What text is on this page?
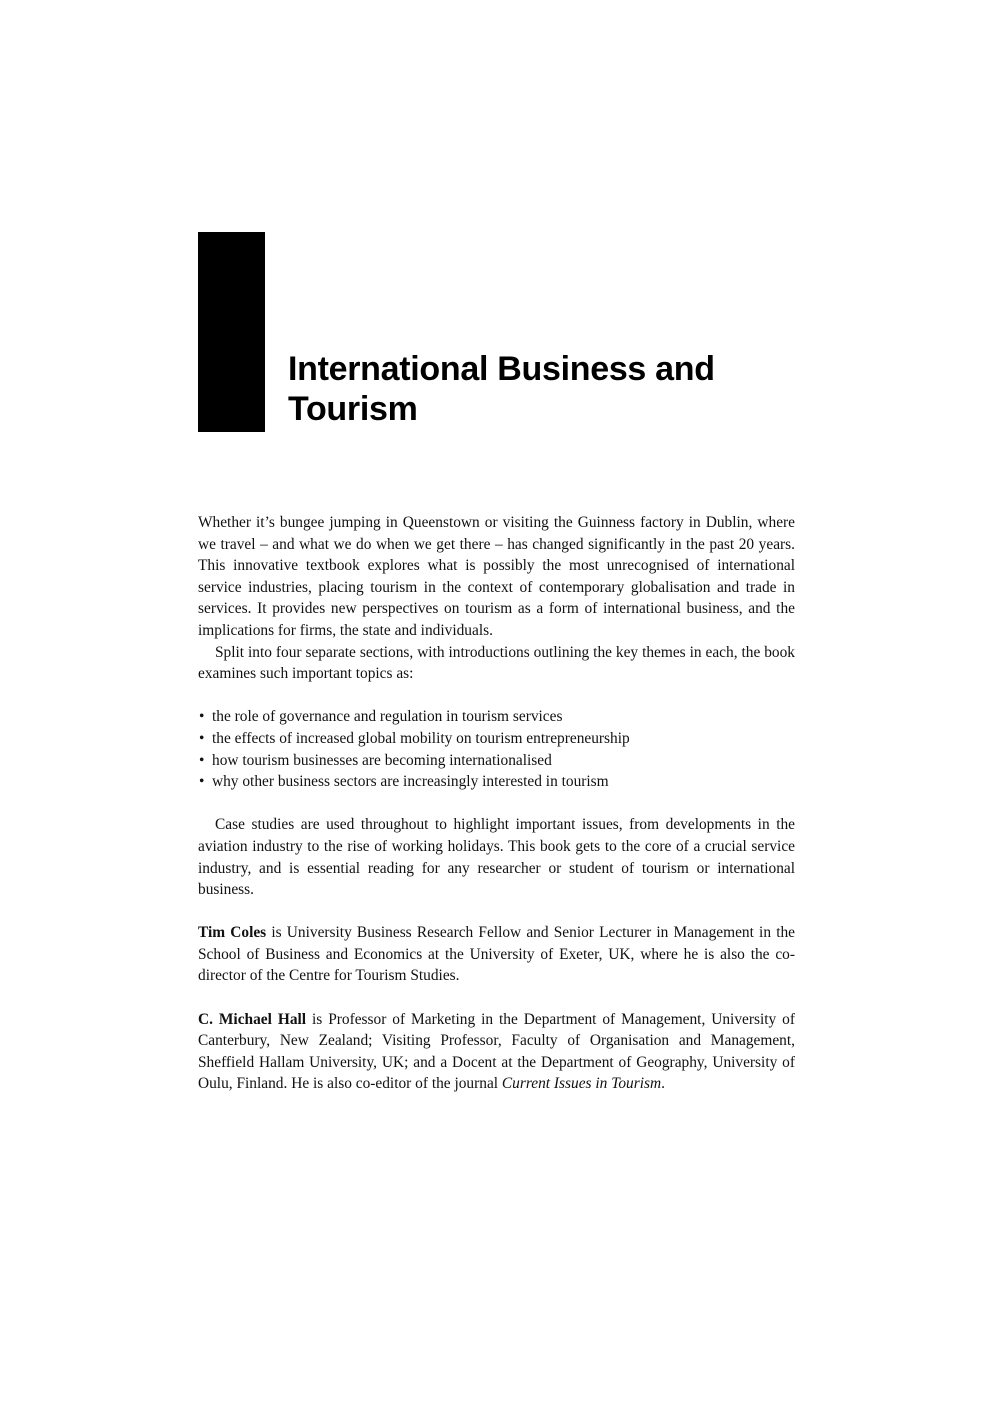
International Business and
Tourism

Whether it’s bungee jumping in Queenstown or visiting the Guinness factory in Dublin, where we travel – and what we do when we get there – has changed significantly in the past 20 years. This innovative textbook explores what is possibly the most unrecognised of international service industries, placing tourism in the context of contemporary globalisation and trade in services. It provides new perspectives on tourism as a form of international business, and the implications for firms, the state and individuals.

Split into four separate sections, with introductions outlining the key themes in each, the book examines such important topics as:

• the role of governance and regulation in tourism services
• the effects of increased global mobility on tourism entrepreneurship
• how tourism businesses are becoming internationalised
• why other business sectors are increasingly interested in tourism

Case studies are used throughout to highlight important issues, from developments in the aviation industry to the rise of working holidays. This book gets to the core of a crucial service industry, and is essential reading for any researcher or student of tourism or international business.

Tim Coles is University Business Research Fellow and Senior Lecturer in Management in the School of Business and Economics at the University of Exeter, UK, where he is also the co-director of the Centre for Tourism Studies.

C. Michael Hall is Professor of Marketing in the Department of Management, University of Canterbury, New Zealand; Visiting Professor, Faculty of Organisation and Management, Sheffield Hallam University, UK; and a Docent at the Department of Geography, University of Oulu, Finland. He is also co-editor of the journal Current Issues in Tourism.
